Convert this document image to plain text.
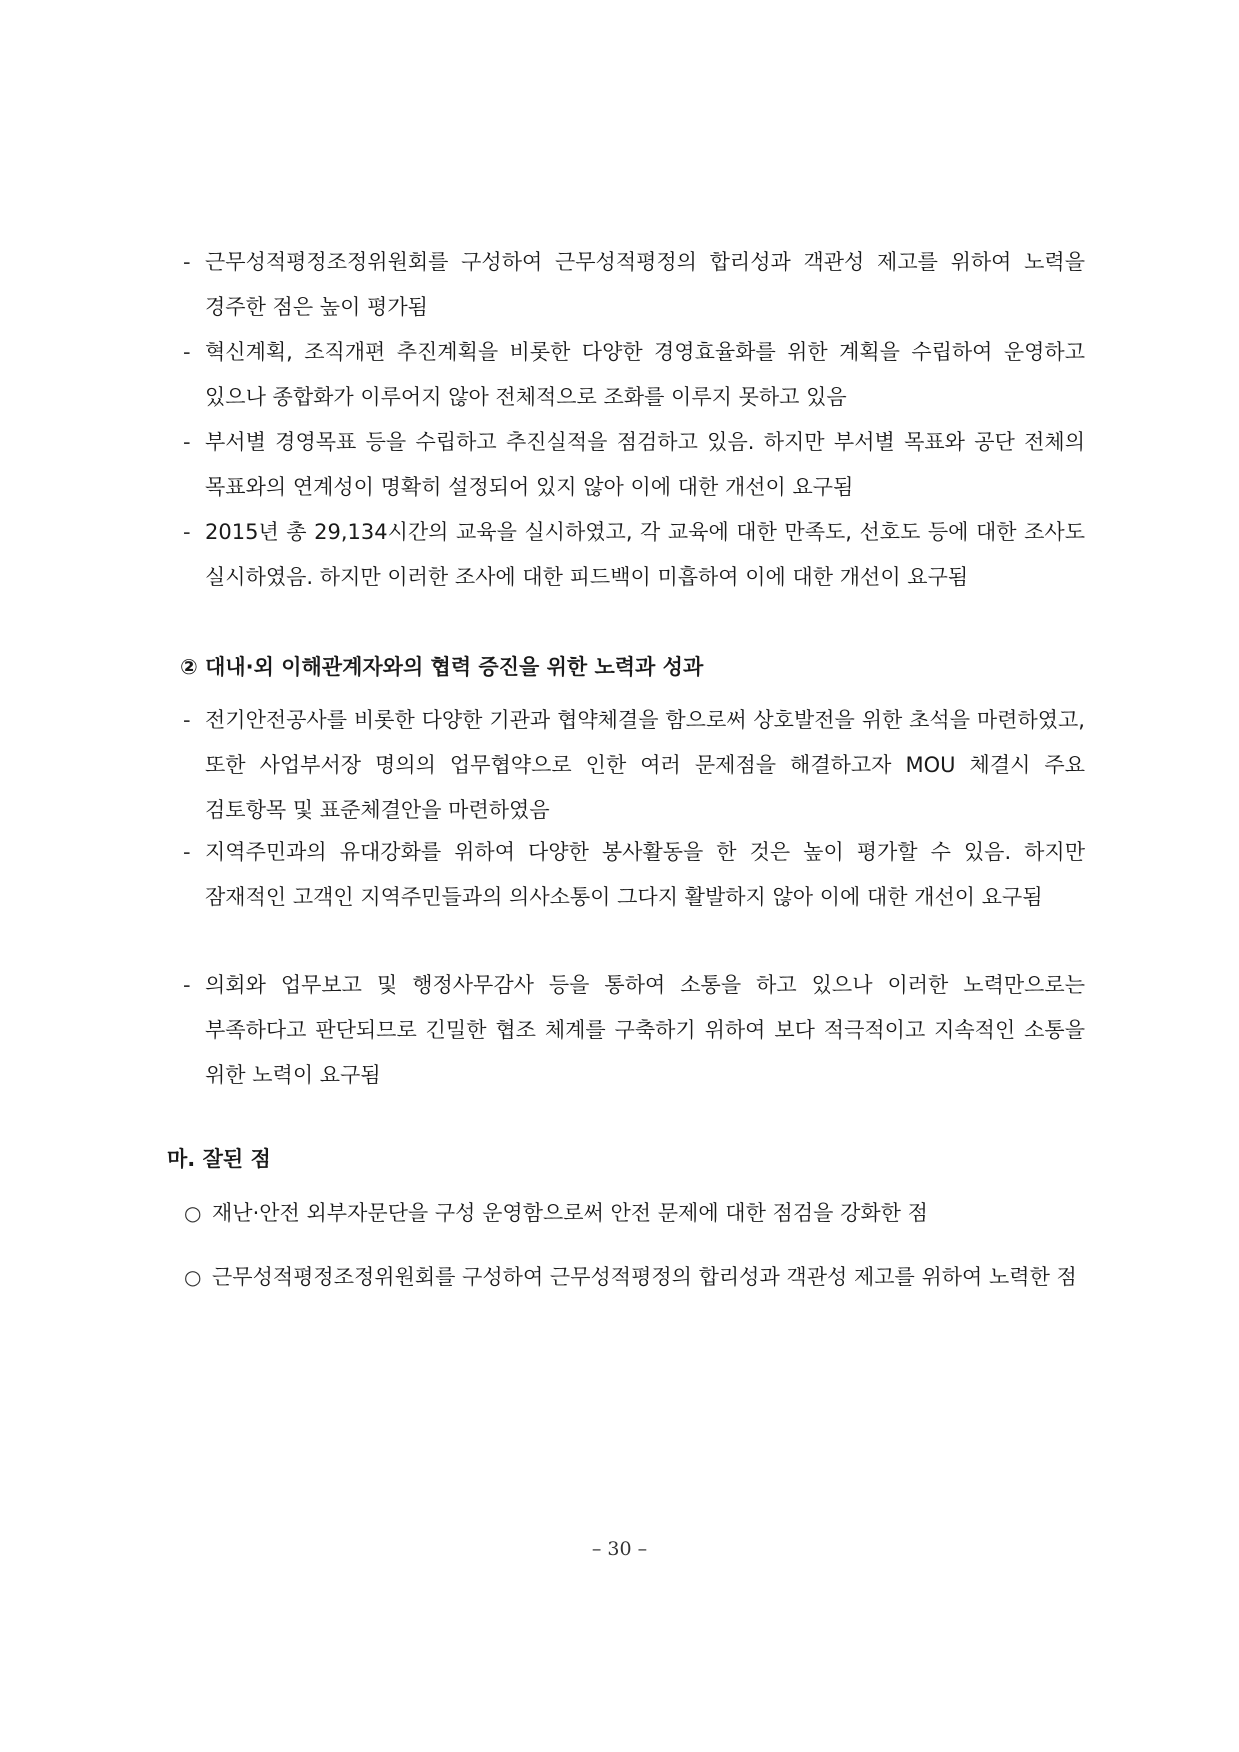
- 근무성적평정조정위원회를 구성하여 근무성적평정의 합리성과 객관성 제고를 위하여 노력을 경주한 점은 높이 평가됨
- 혁신계획, 조직개편 추진계획을 비롯한 다양한 경영효율화를 위한 계획을 수립하여 운영하고 있으나 종합화가 이루어지 않아 전체적으로 조화를 이루지 못하고 있음
- 부서별 경영목표 등을 수립하고 추진실적을 점검하고 있음. 하지만 부서별 목표와 공단 전체의 목표와의 연계성이 명확히 설정되어 있지 않아 이에 대한 개선이 요구됨
- 2015년 총 29,134시간의 교육을 실시하였고, 각 교육에 대한 만족도, 선호도 등에 대한 조사도 실시하였음. 하지만 이러한 조사에 대한 피드백이 미흡하여 이에 대한 개선이 요구됨
② 대내·외 이해관계자와의 협력 증진을 위한 노력과 성과
- 전기안전공사를 비롯한 다양한 기관과 협약체결을 함으로써 상호발전을 위한 초석을 마련하였고, 또한 사업부서장 명의의 업무협약으로 인한 여러 문제점을 해결하고자 MOU 체결시 주요 검토항목 및 표준체결안을 마련하였음
- 지역주민과의 유대강화를 위하여 다양한 봉사활동을 한 것은 높이 평가할 수 있음. 하지만 잠재적인 고객인 지역주민들과의 의사소통이 그다지 활발하지 않아 이에 대한 개선이 요구됨
- 의회와 업무보고 및 행정사무감사 등을 통하여 소통을 하고 있으나 이러한 노력만으로는 부족하다고 판단되므로 긴밀한 협조 체계를 구축하기 위하여 보다 적극적이고 지속적인 소통을 위한 노력이 요구됨
마. 잘된 점
○ 재난·안전 외부자문단을 구성 운영함으로써 안전 문제에 대한 점검을 강화한 점
○ 근무성적평정조정위원회를 구성하여 근무성적평정의 합리성과 객관성 제고를 위하여 노력한 점
– 30 –
